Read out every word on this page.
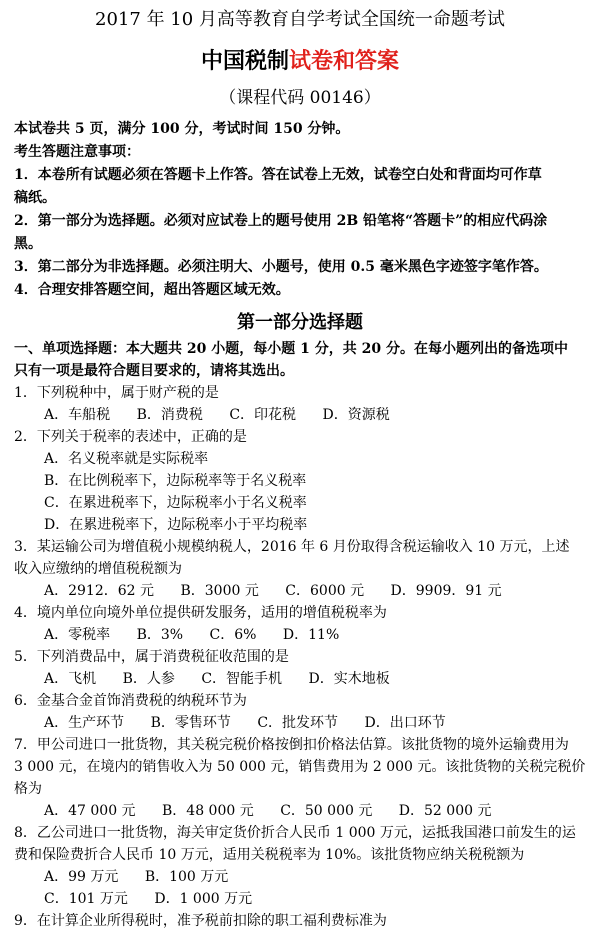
2017 年 10 月高等教育自学考试全国统一命题考试
中国税制试卷和答案
（课程代码 00146）
本试卷共 5 页，满分 100 分，考试时间 150 分钟。
考生答题注意事项：
1．本卷所有试题必须在答题卡上作答。答在试卷上无效，试卷空白处和背面均可作草
稿纸。
2．第一部分为选择题。必须对应试卷上的题号使用 2B 铅笔将“答题卡”的相应代码涂
黑。
3．第二部分为非选择题。必须注明大、小题号，使用 0.5 毫米黑色字迹签字笔作答。
4．合理安排答题空间，超出答题区域无效。
第一部分选择题
一、单项选择题：本大题共 20 小题，每小题 1 分，共 20 分。在每小题列出的备选项中
只有一项是最符合题目要求的，请将其选出。
1．下列税种中，属于财产税的是
A．车船税 B．消费税 C．印花税 D．资源税
2．下列关于税率的表述中，正确的是
A．名义税率就是实际税率
B．在比例税率下，边际税率等于名义税率
C．在累进税率下，边际税率小于名义税率
D．在累进税率下，边际税率小于平均税率
3．某运输公司为增值税小规模纳税人，2016 年 6 月份取得含税运输收入 10 万元，上述
收入应缴纳的增值税税额为
A．2912．62 元 B．3000 元 C．6000 元 D．9909．91 元
4．境内单位向境外单位提供研发服务，适用的增值税税率为
A．零税率 B．3% C．6% D．11%
5．下列消费品中，属于消费税征收范围的是
A．飞机 B．人参 C．智能手机 D．实木地板
6．金基合金首饰消费税的纳税环节为
A．生产环节 B．零售环节 C．批发环节 D．出口环节
7．甲公司进口一批货物，其关税完税价格按倒扣价格法估算。该批货物的境外运输费用为
3 000 元，在境内的销售收入为 50 000 元，销售费用为 2 000 元。该批货物的关税完税价
格为
A．47 000 元 B．48 000 元 C．50 000 元 D．52 000 元
8．乙公司进口一批货物，海关审定货价折合人民币 1 000 万元，运抵我国港口前发生的运
费和保险费折合人民币 10 万元，适用关税税率为 10%。该批货物应纳关税税额为
A．99 万元 B．100 万元
C．101 万元 D．1 000 万元
9．在计算企业所得税时，准予税前扣除的职工福利费标准为
